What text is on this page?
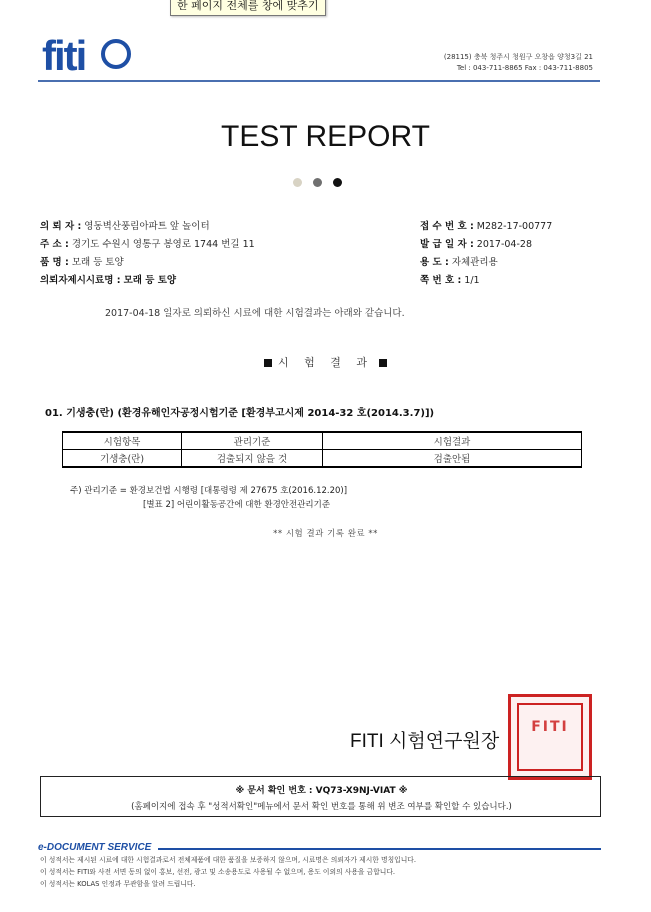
한 페이지 전체를 창에 맞추기
fiti	(28115) 충북 청주시 청원구 오창읍 양청3길 21
Tel : 043-711-8865 Fax : 043-711-8805
TEST REPORT
의 뢰 자 : 영동벽산풍림아파트 앞 놀이터
주 소 : 경기도 수원시 영통구 봉영로 1744 번길 11
품 명 : 모래 등 토양
의뢰자제시시료명 : 모래 등 토양
접 수 번 호 : M282-17-00777
발 급 일 자 : 2017-04-28
용 도 : 자체관리용
쪽 번 호 : 1/1
2017-04-18 일자로 의뢰하신 시료에 대한 시험결과는 아래와 같습니다.
시 험 결 과
01. 기생충(란) (환경유해인자공정시험기준 [환경부고시제 2014-32 호(2014.3.7)])
시험항목	관리기준	시험결과
기생충(란)	검출되지 않을 것	검출안됨
주) 관리기준 = 환경보건법 시행령 [대통령령 제 27675 호(2016.12.20)]
[별표 2] 어린이활동공간에 대한 환경안전관리기준
** 시험 결과 기록 완료 **
FITI 시험연구원장
FITI
※ 문서 확인 번호 : VQ73-X9NJ-VIAT ※
(홈페이지에 접속 후 "성적서확인"메뉴에서 문서 확인 번호를 통해 위 변조 여부를 확인할 수 있습니다.)
e-DOCUMENT SERVICE
이 성적서는 제시된 시료에 대한 시험결과로서 전체제품에 대한 품질을 보증하지 않으며, 시료명은 의뢰자가 제시한 명칭입니다.
이 성적서는 FITI와 사전 서면 동의 없이 홍보, 선전, 광고 및 소송용도로 사용될 수 없으며, 용도 이외의 사용을 금합니다.
이 성적서는 KOLAS 인정과 무관함을 알려 드립니다.
